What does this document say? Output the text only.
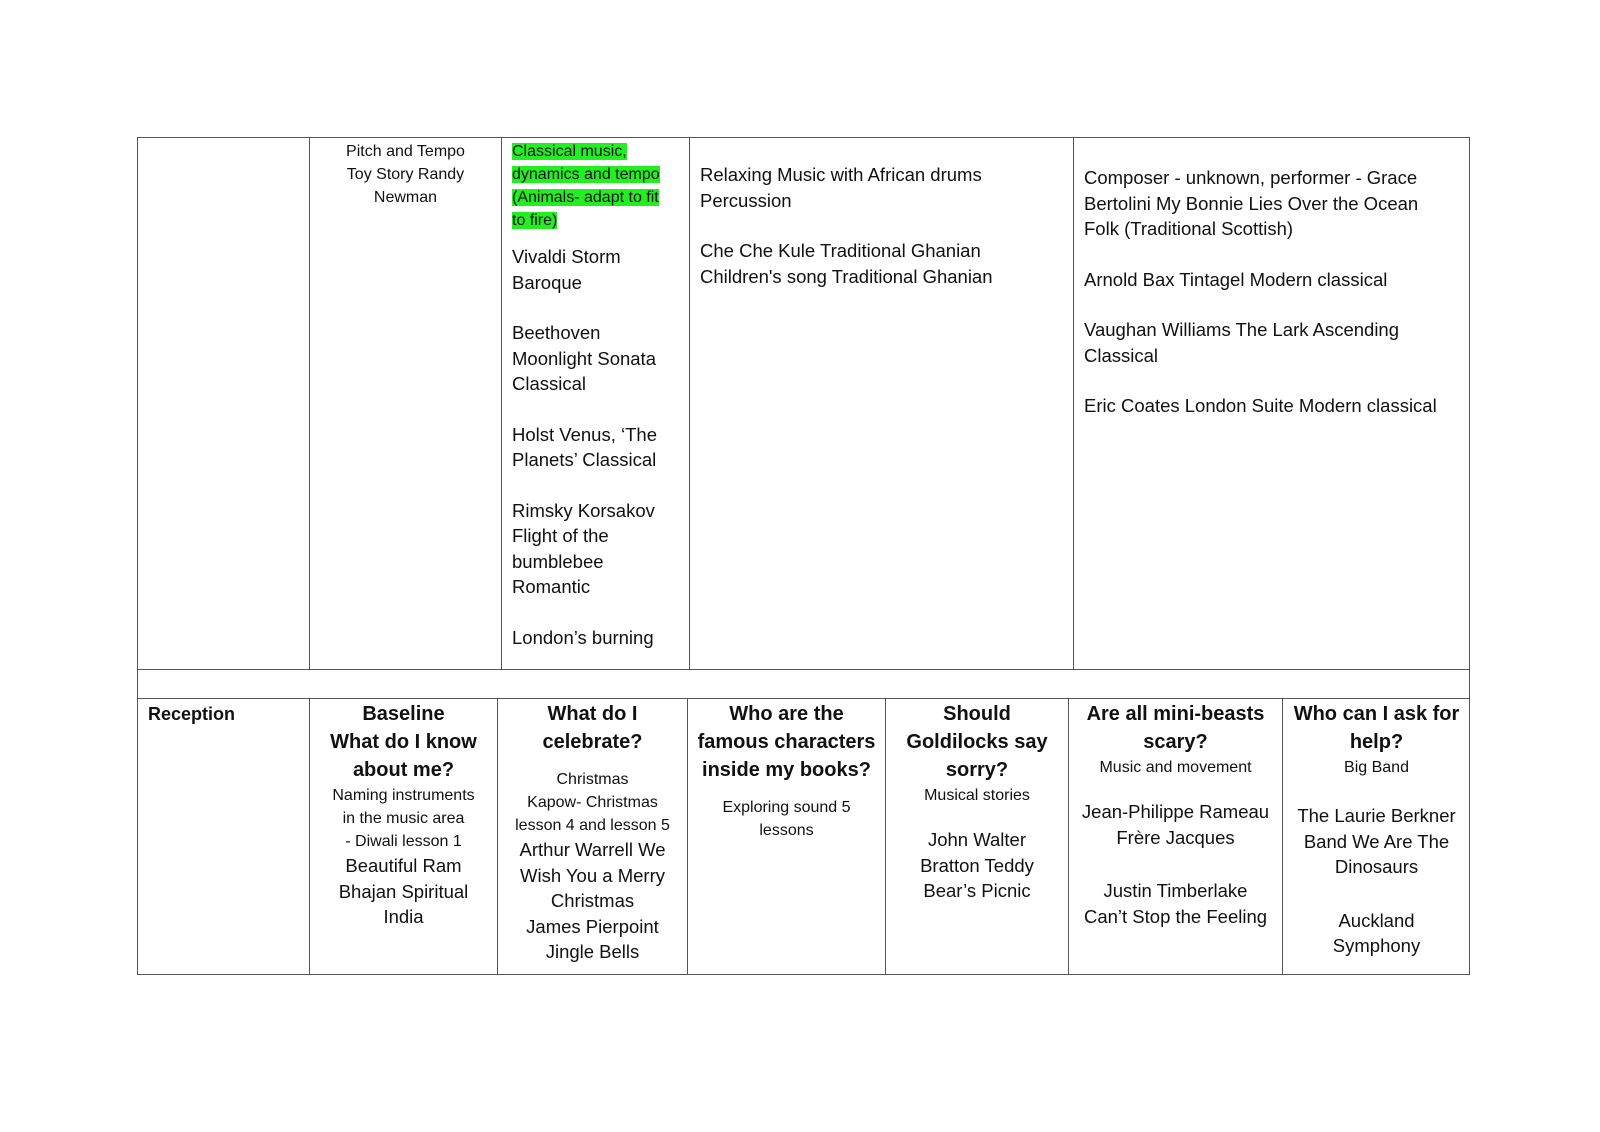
Pitch and Tempo
Toy Story Randy
Newman
Classical music,
dynamics and tempo
(Animals- adapt to fit
to fire)
Vivaldi Storm
Baroque
Beethoven
Moonlight Sonata
Classical
Holst Venus, ‘The
Planets’ Classical
Rimsky Korsakov
Flight of the
bumblebee
Romantic
London’s burning
Relaxing Music with African drums
Percussion
Che Che Kule Traditional Ghanian
Children's song Traditional Ghanian
Composer - unknown, performer - Grace
Bertolini My Bonnie Lies Over the Ocean
Folk (Traditional Scottish)
Arnold Bax Tintagel Modern classical
Vaughan Williams The Lark Ascending
Classical
Eric Coates London Suite Modern classical
Reception	Baseline
What do I know
about me?
Naming instruments
in the music area
- Diwali lesson 1
Beautiful Ram
Bhajan Spiritual
India
What do I
celebrate?
Christmas
Kapow- Christmas
lesson 4 and lesson 5
Arthur Warrell We
Wish You a Merry
Christmas
James Pierpoint
Jingle Bells
Who are the
famous characters
inside my books?
Exploring sound 5
lessons
Should
Goldilocks say
sorry?
Musical stories
John Walter
Bratton Teddy
Bear’s Picnic
Are all mini-beasts
scary?
Music and movement
Jean-Philippe Rameau
Frère Jacques
Justin Timberlake
Can’t Stop the Feeling
Who can I ask for
help?
Big Band
The Laurie Berkner
Band We Are The
Dinosaurs
Auckland
Symphony
